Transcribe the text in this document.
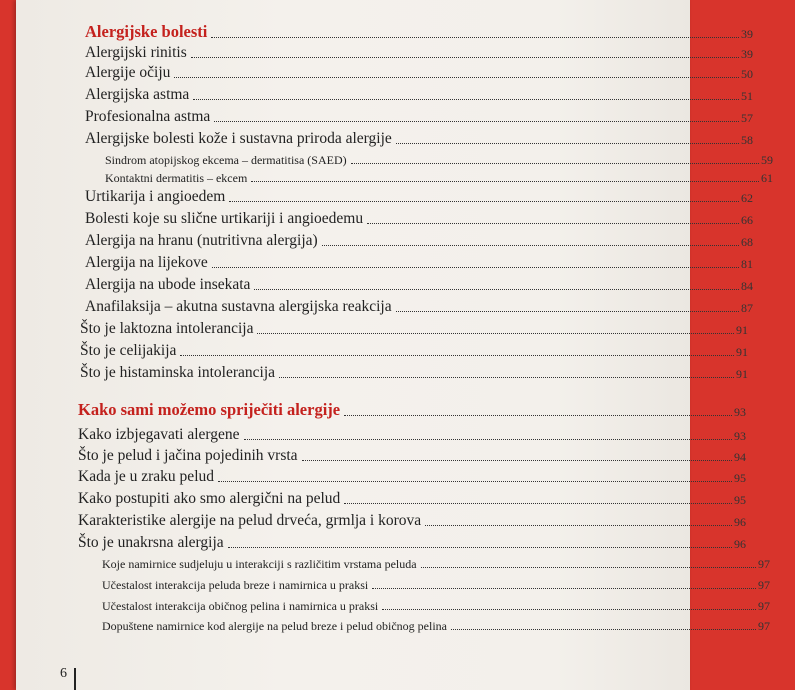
Alergijske bolesti	39
Alergijski rinitis	39
Alergije očiju	50
Alergijska astma	51
Profesionalna astma	57
Alergijske bolesti kože i sustavna priroda alergije	58
Sindrom atopijskog ekcema – dermatitisa (SAED)	59
Kontaktni dermatitis – ekcem	61
Urtikarija i angioedem	62
Bolesti koje su slične urtikariji i angioedemu	66
Alergija na hranu (nutritivna alergija)	68
Alergija na lijekove	81
Alergija na ubode insekata	84
Anafilaksija – akutna sustavna alergijska reakcija	87
Što je laktozna intolerancija	91
Što je celijakija	91
Što je histaminska intolerancija	91
Kako sami možemo spriječiti alergije	93
Kako izbjegavati alergene	93
Što je pelud i jačina pojedinih vrsta	94
Kada je u zraku pelud	95
Kako postupiti ako smo alergični na pelud	95
Karakteristike alergije na pelud drveća, grmlja i korova	96
Što je unakrsna alergija	96
Koje namirnice sudjeluju u interakciji s različitim vrstama peluda	97
Učestalost interakcija peluda breze i namirnica u praksi	97
Učestalost interakcija običnog pelina i namirnica u praksi	97
Dopuštene namirnice kod alergije na pelud breze i pelud običnog pelina	97
6
